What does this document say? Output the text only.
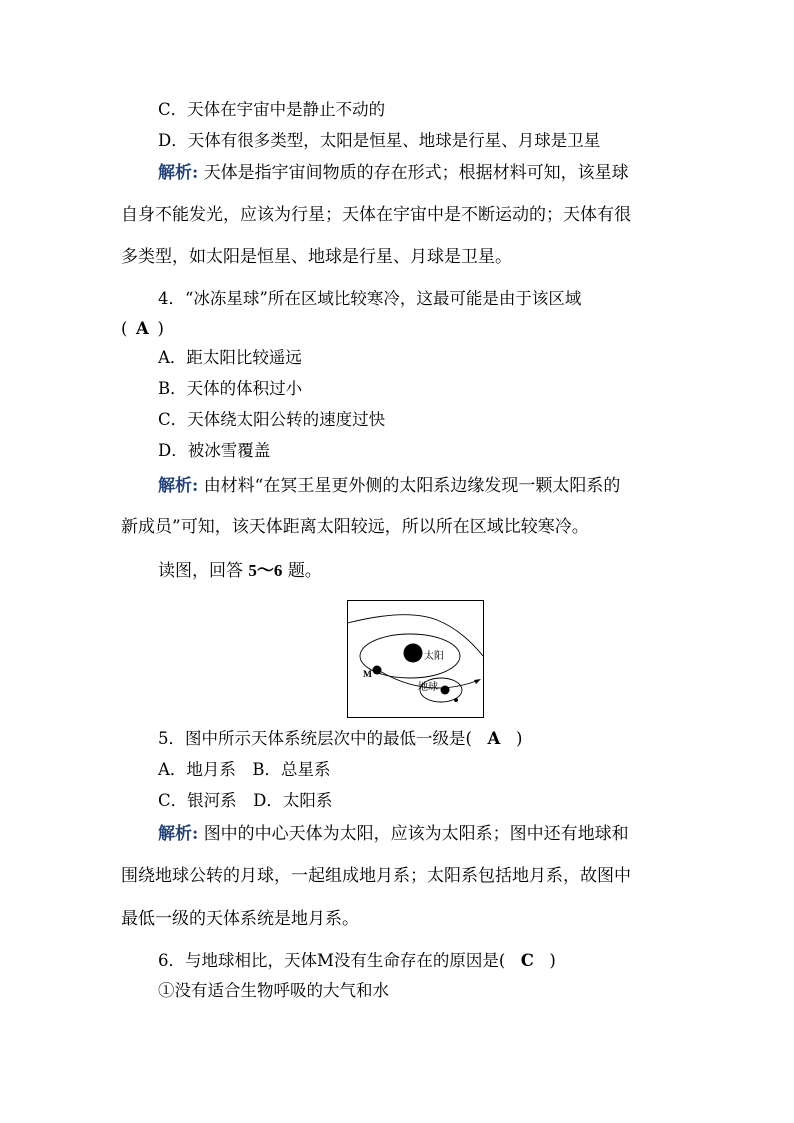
C．天体在宇宙中是静止不动的
D．天体有很多类型，太阳是恒星、地球是行星、月球是卫星
解析: 天体是指宇宙间物质的存在形式；根据材料可知，该星球
自身不能发光，应该为行星；天体在宇宙中是不断运动的；天体有很
多类型，如太阳是恒星、地球是行星、月球是卫星。
4．“冰冻星球”所在区域比较寒冷，这最可能是由于该区域
( A )
A．距太阳比较遥远
B．天体的体积过小
C．天体绕太阳公转的速度过快
D．被冰雪覆盖
解析: 由材料“在冥王星更外侧的太阳系边缘发现一颗太阳系的
新成员”可知，该天体距离太阳较远，所以所在区域比较寒冷。
读图，回答 5～6 题。
太阳
M
地球
5．图中所示天体系统层次中的最低一级是( A )
A．地月系　B．总星系
C．银河系　D．太阳系
解析: 图中的中心天体为太阳，应该为太阳系；图中还有地球和
围绕地球公转的月球，一起组成地月系；太阳系包括地月系，故图中
最低一级的天体系统是地月系。
6．与地球相比，天体M没有生命存在的原因是( C )
①没有适合生物呼吸的大气和水
